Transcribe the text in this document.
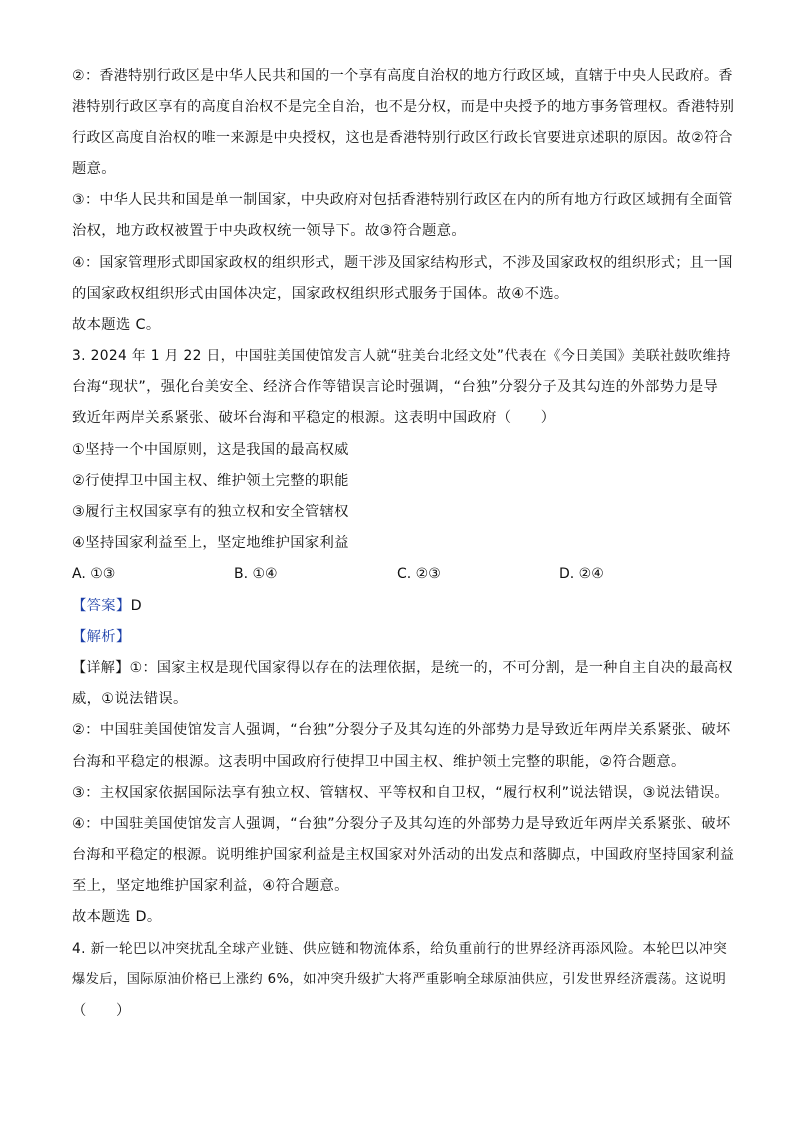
②：香港特别行政区是中华人民共和国的一个享有高度自治权的地方行政区域，直辖于中央人民政府。香
港特别行政区享有的高度自治权不是完全自治，也不是分权，而是中央授予的地方事务管理权。香港特别
行政区高度自治权的唯一来源是中央授权，这也是香港特别行政区行政长官要进京述职的原因。故②符合
题意。
③：中华人民共和国是单一制国家，中央政府对包括香港特别行政区在内的所有地方行政区域拥有全面管
治权，地方政权被置于中央政权统一领导下。故③符合题意。
④：国家管理形式即国家政权的组织形式，题干涉及国家结构形式，不涉及国家政权的组织形式；且一国
的国家政权组织形式由国体决定，国家政权组织形式服务于国体。故④不选。
故本题选 C。
3. 2024 年 1 月 22 日，中国驻美国使馆发言人就“驻美台北经文处”代表在《今日美国》美联社鼓吹维持
台海“现状”，强化台美安全、经济合作等错误言论时强调，“台独”分裂分子及其勾连的外部势力是导
致近年两岸关系紧张、破坏台海和平稳定的根源。这表明中国政府（　　）
①坚持一个中国原则，这是我国的最高权威
②行使捍卫中国主权、维护领土完整的职能
③履行主权国家享有的独立权和安全管辖权
④坚持国家利益至上，坚定地维护国家利益
A. ①③	B. ①④	C. ②③	D. ②④
【答案】D
【解析】
【详解】①：国家主权是现代国家得以存在的法理依据，是统一的，不可分割，是一种自主自决的最高权
威，①说法错误。
②：中国驻美国使馆发言人强调，“台独”分裂分子及其勾连的外部势力是导致近年两岸关系紧张、破坏
台海和平稳定的根源。这表明中国政府行使捍卫中国主权、维护领土完整的职能，②符合题意。
③：主权国家依据国际法享有独立权、管辖权、平等权和自卫权，“履行权利”说法错误，③说法错误。
④：中国驻美国使馆发言人强调，“台独”分裂分子及其勾连的外部势力是导致近年两岸关系紧张、破坏
台海和平稳定的根源。说明维护国家利益是主权国家对外活动的出发点和落脚点，中国政府坚持国家利益
至上，坚定地维护国家利益，④符合题意。
故本题选 D。
4. 新一轮巴以冲突扰乱全球产业链、供应链和物流体系，给负重前行的世界经济再添风险。本轮巴以冲突
爆发后，国际原油价格已上涨约 6%，如冲突升级扩大将严重影响全球原油供应，引发世界经济震荡。这说明
（　　）
